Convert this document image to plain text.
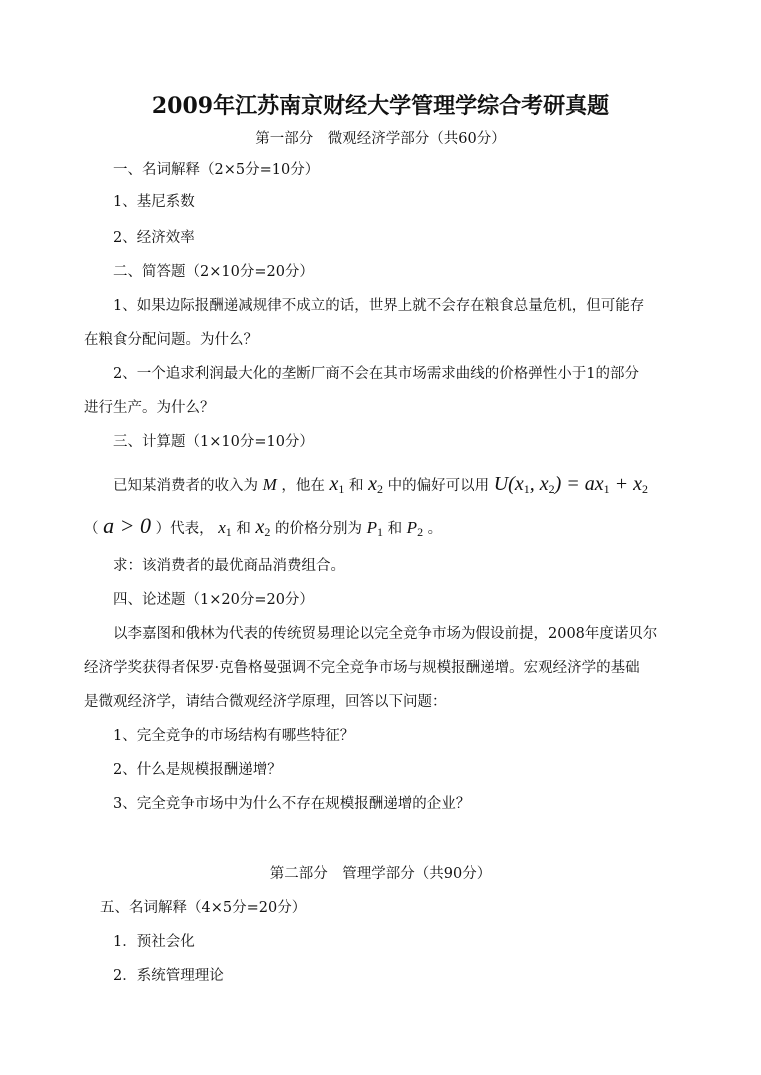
2009年江苏南京财经大学管理学综合考研真题
第一部分　微观经济学部分（共60分）
一、名词解释（2×5分=10分）
1、基尼系数
2、经济效率
二、简答题（2×10分=20分）
1、如果边际报酬递减规律不成立的话，世界上就不会存在粮食总量危机，但可能存
在粮食分配问题。为什么？
2、一个追求利润最大化的垄断厂商不会在其市场需求曲线的价格弹性小于1的部分
进行生产。为什么？
三、计算题（1×10分=10分）
已知某消费者的收入为 M ，他在 $x_1$ 和 $x_2$ 中的偏好可以用 $U(x_1$, $x_2) = ax_1 + x_2$
（ a > 0 ）代表， $x_1$ 和 $x_2$ 的价格分别为 $P_1$ 和 $P_2$ 。
求：该消费者的最优商品消费组合。
四、论述题（1×20分=20分）
以李嘉图和俄林为代表的传统贸易理论以完全竞争市场为假设前提，2008年度诺贝尔
经济学奖获得者保罗·克鲁格曼强调不完全竞争市场与规模报酬递增。宏观经济学的基础
是微观经济学，请结合微观经济学原理，回答以下问题：
1、完全竞争的市场结构有哪些特征？
2、什么是规模报酬递增？
3、完全竞争市场中为什么不存在规模报酬递增的企业？
第二部分　管理学部分（共90分）
五、名词解释（4×5分=20分）
1．预社会化
2．系统管理理论
